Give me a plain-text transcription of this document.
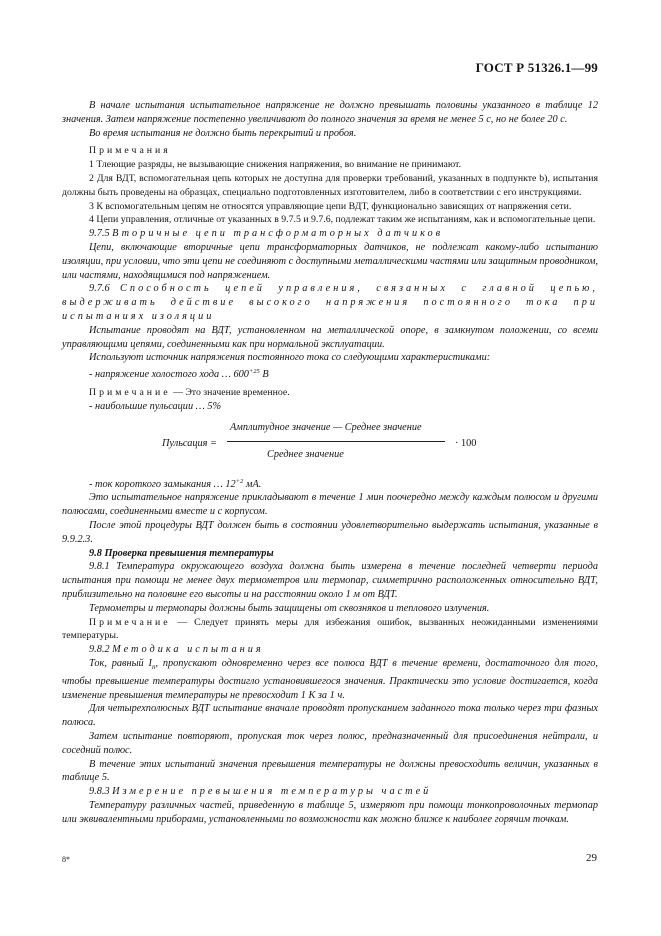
ГОСТ Р 51326.1—99

В начале испытания испытательное напряжение не должно превышать половины указанного в таблице 12 значения. Затем напряжение постепенно увеличивают до полного значения за время не менее 5 с, но не более 20 с.

Во время испытания не должно быть перекрытий и пробоя.

Примечания

1 Тлеющие разряды, не вызывающие снижения напряжения, во внимание не принимают.

2 Для ВДТ, вспомогательная цепь которых не доступна для проверки требований, указанных в подпункте b), испытания должны быть проведены на образцах, специально подготовленных изготовителем, либо в соответствии с его инструкциями.

3 К вспомогательным цепям не относятся управляющие цепи ВДТ, функционально зависящих от напряжения сети.

4 Цепи управления, отличные от указанных в 9.7.5 и 9.7.6, подлежат таким же испытаниям, как и вспомогательные цепи.

9.7.5 Вторичные цепи трансформаторных датчиков

Цепи, включающие вторичные цепи трансформаторных датчиков, не подлежат какому-либо испытанию изоляции, при условии, что эти цепи не соединяют с доступными металлическими частями или защитным проводником, или частями, находящимися под напряжением.

9.7.6 Способность цепей управления, связанных с главной цепью, выдерживать действие высокого напряжения постоянного тока при испытаниях изоляции

Испытание проводят на ВДТ, установленном на металлической опоре, в замкнутом положении, со всеми управляющими цепями, соединенными как при нормальной эксплуатации.

Используют источник напряжения постоянного тока со следующими характеристиками:

- напряжение холостого хода … $600^{+25}$ В

Примечание — Это значение временное.

- наибольшие пульсации … 5%

Пульсация =
Амплитудное значение — Среднее значение
Среднее значение
· 100

- ток короткого замыкания … $12^{+2}$ мА.

Это испытательное напряжение прикладывают в течение 1 мин поочередно между каждым полюсом и другими полюсами, соединенными вместе и с корпусом.

После этой процедуры ВДТ должен быть в состоянии удовлетворительно выдержать испытания, указанные в 9.9.2.3.

9.8 Проверка превышения температуры

9.8.1 Температура окружающего воздуха должна быть измерена в течение последней четверти периода испытания при помощи не менее двух термометров или термопар, симметрично расположенных относительно ВДТ, приблизительно на половине его высоты и на расстоянии около 1 м от ВДТ.

Термометры и термопары должны быть защищены от сквозняков и теплового излучения.

Примечание — Следует принять меры для избежания ошибок, вызванных неожиданными изменениями температуры.

9.8.2 Методика испытания

Ток, равный $I_n$, пропускают одновременно через все полюса ВДТ в течение времени, достаточного для того, чтобы превышение температуры достигло установившегося значения. Практически это условие достигается, когда изменение превышения температуры не превосходит 1 К за 1 ч.

Для четырехполюсных ВДТ испытание вначале проводят пропусканием заданного тока только через три фазных полюса.

Затем испытание повторяют, пропуская ток через полюс, предназначенный для присоединения нейтрали, и соседний полюс.

В течение этих испытаний значения превышения температуры не должны превосходить величин, указанных в таблице 5.

9.8.3 Измерение превышения температуры частей

Температуру различных частей, приведенную в таблице 5, измеряют при помощи тонкопроволочных термопар или эквивалентными приборами, установленными по возможности как можно ближе к наиболее горячим точкам.

8*	29
